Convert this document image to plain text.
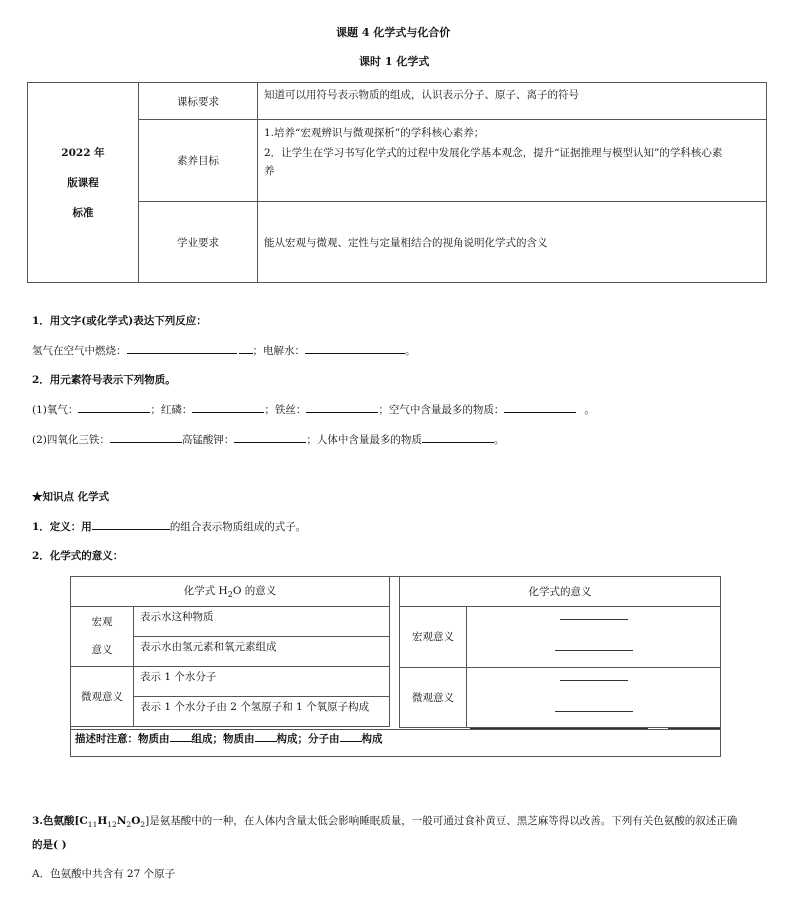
课题 4 化学式与化合价
课时 1 化学式
2022 年
版课程
标准	课标要求	知道可以用符号表示物质的组成，认识表示分子、原子、离子的符号
	素养目标	1.培养“宏观辨识与微观探析”的学科核心素养；
2．让学生在学习书写化学式的过程中发展化学基本观念，提升“证据推理与模型认知”的学科核心素
养

	学业要求	能从宏观与微观、定性与定量相结合的视角说明化学式的含义
1．用文字(或化学式)表达下列反应：
氢气在空气中燃烧：	；电解水：	。
2．用元素符号表示下列物质。
(1)氧气：	；红磷：	；铁丝：	；空气中含量最多的物质：	。
(2)四氧化三铁：	高锰酸钾：	；人体中含量最多的物质	。
★知识点 化学式
1．定义：用	的组合表示物质组成的式子。
2．化学式的意义：
化学式 $H_2O$ 的意义	

宏观
意义	表示水这种物质
	表示水由氢元素和氧元素组成
微观意义	表示 1 个水分子
	表示 1 个水分子由 2 个氢原子和 1 个氧原子构成
化学式的意义	
宏观意义	
微观意义	
描述时注意：物质由 组成；物质由 构成；分子由 构成
3.色氨酸$[C_{11}H_{12}N_2O_2]$是氨基酸中的一种，在人体内含量太低会影响睡眠质量，一般可通过食补黄豆、黑芝麻等得以改善。下列有关色氨酸的叙述正确
的是( )
A．色氨酸中共含有 27 个原子
